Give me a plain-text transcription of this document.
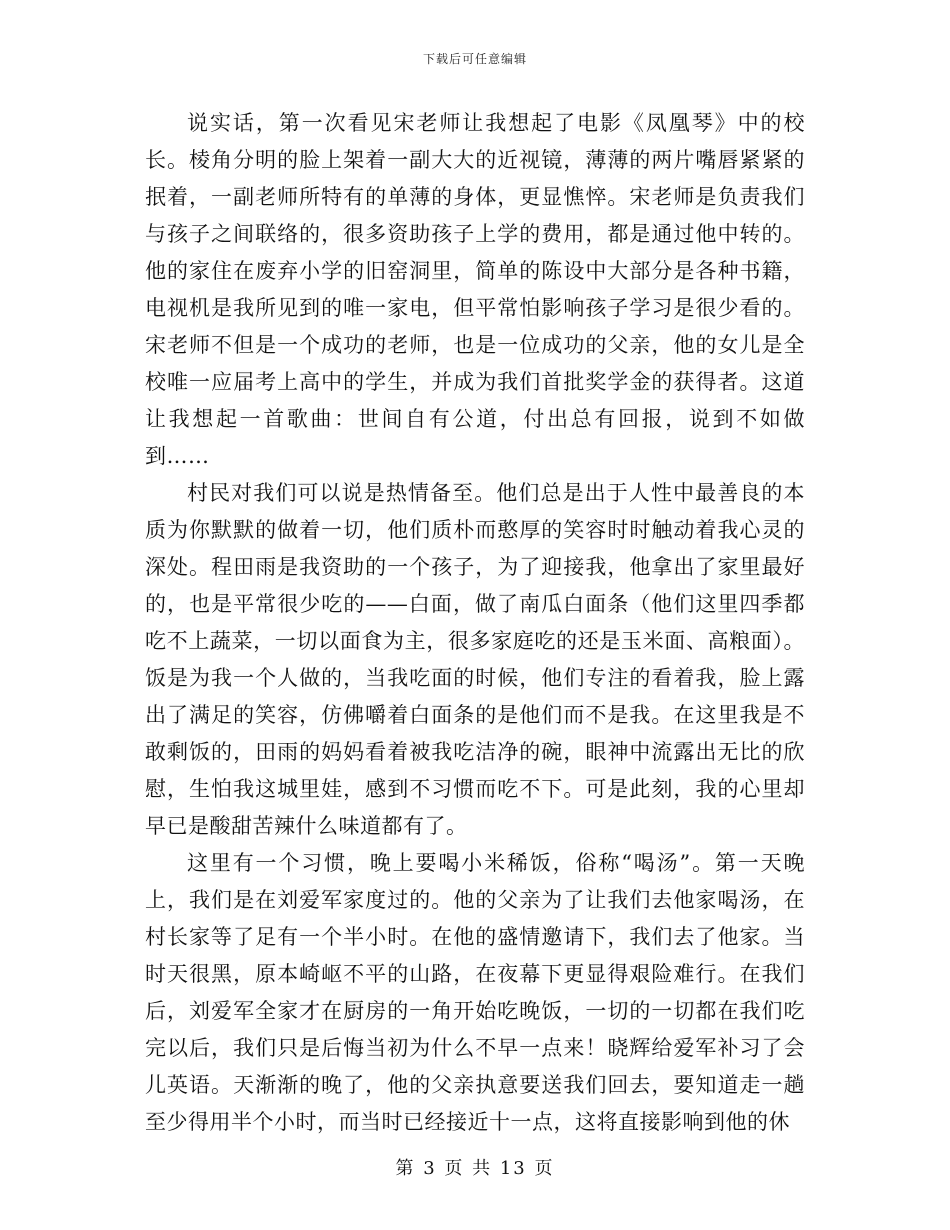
下载后可任意编辑

说实话，第一次看见宋老师让我想起了电影《凤凰琴》中的校长。棱角分明的脸上架着一副大大的近视镜，薄薄的两片嘴唇紧紧的抿着，一副老师所特有的单薄的身体，更显憔悴。宋老师是负责我们与孩子之间联络的，很多资助孩子上学的费用，都是通过他中转的。他的家住在废弃小学的旧窑洞里，简单的陈设中大部分是各种书籍，电视机是我所见到的唯一家电，但平常怕影响孩子学习是很少看的。宋老师不但是一个成功的老师，也是一位成功的父亲，他的女儿是全校唯一应届考上高中的学生，并成为我们首批奖学金的获得者。这道让我想起一首歌曲：世间自有公道，付出总有回报，说到不如做到……

村民对我们可以说是热情备至。他们总是出于人性中最善良的本质为你默默的做着一切，他们质朴而憨厚的笑容时时触动着我心灵的深处。程田雨是我资助的一个孩子，为了迎接我，他拿出了家里最好的，也是平常很少吃的——白面，做了南瓜白面条（他们这里四季都吃不上蔬菜，一切以面食为主，很多家庭吃的还是玉米面、高粮面）。饭是为我一个人做的，当我吃面的时候，他们专注的看着我，脸上露出了满足的笑容，仿佛嚼着白面条的是他们而不是我。在这里我是不敢剩饭的，田雨的妈妈看着被我吃洁净的碗，眼神中流露出无比的欣慰，生怕我这城里娃，感到不习惯而吃不下。可是此刻，我的心里却早已是酸甜苦辣什么味道都有了。

这里有一个习惯，晚上要喝小米稀饭，俗称“喝汤”。第一天晚上，我们是在刘爱军家度过的。他的父亲为了让我们去他家喝汤，在村长家等了足有一个半小时。在他的盛情邀请下，我们去了他家。当时天很黑，原本崎岖不平的山路，在夜幕下更显得艰险难行。在我们后，刘爱军全家才在厨房的一角开始吃晚饭，一切的一切都在我们吃完以后，我们只是后悔当初为什么不早一点来！晓辉给爱军补习了会儿英语。天渐渐的晚了，他的父亲执意要送我们回去，要知道走一趟至少得用半个小时，而当时已经接近十一点，这将直接影响到他的休

第 3 页 共 13 页
